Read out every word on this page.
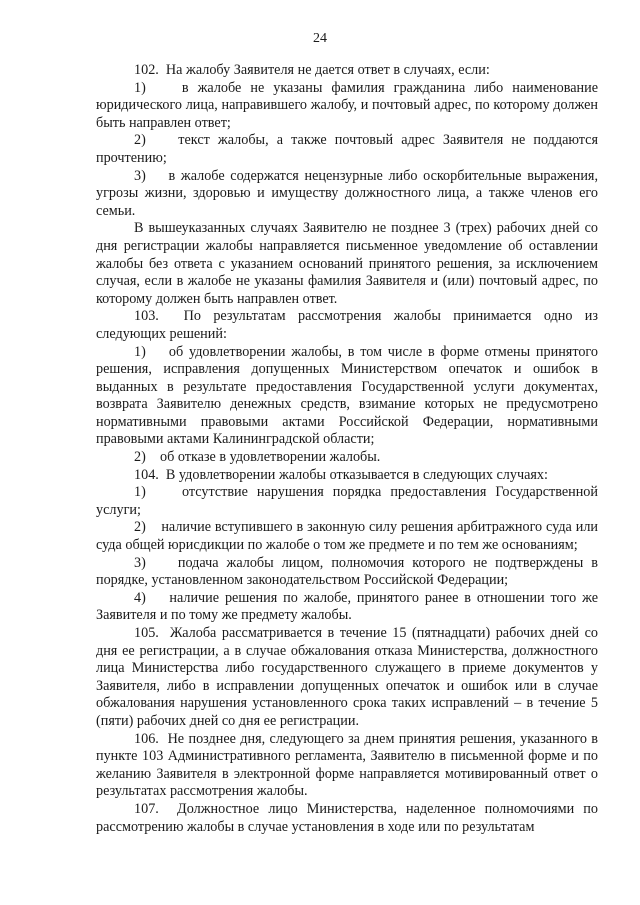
24

102.  На жалобу Заявителя не дается ответ в случаях, если:

1)    в жалобе не указаны фамилия гражданина либо наименование юридического лица, направившего жалобу, и почтовый адрес, по которому должен быть направлен ответ;

2)    текст жалобы, а также почтовый адрес Заявителя не поддаются прочтению;

3)    в жалобе содержатся нецензурные либо оскорбительные выражения, угрозы жизни, здоровью и имуществу должностного лица, а также членов его семьи.

В вышеуказанных случаях Заявителю не позднее 3 (трех) рабочих дней со дня регистрации жалобы направляется письменное уведомление об оставлении жалобы без ответа с указанием оснований принятого решения, за исключением случая, если в жалобе не указаны фамилия Заявителя и (или) почтовый адрес, по которому должен быть направлен ответ.

103.  По результатам рассмотрения жалобы принимается одно из следующих решений:

1)    об удовлетворении жалобы, в том числе в форме отмены принятого решения, исправления допущенных Министерством опечаток и ошибок в выданных в результате предоставления Государственной услуги документах, возврата Заявителю денежных средств, взимание которых не предусмотрено нормативными правовыми актами Российской Федерации, нормативными правовыми актами Калининградской области;

2)    об отказе в удовлетворении жалобы.

104.  В удовлетворении жалобы отказывается в следующих случаях:

1)    отсутствие нарушения порядка предоставления Государственной услуги;

2)    наличие вступившего в законную силу решения арбитражного суда или суда общей юрисдикции по жалобе о том же предмете и по тем же основаниям;

3)    подача жалобы лицом, полномочия которого не подтверждены в порядке, установленном законодательством Российской Федерации;

4)    наличие решения по жалобе, принятого ранее в отношении того же Заявителя и по тому же предмету жалобы.

105.  Жалоба рассматривается в течение 15 (пятнадцати) рабочих дней со дня ее регистрации, а в случае обжалования отказа Министерства, должностного лица Министерства либо государственного служащего в приеме документов у Заявителя, либо в исправлении допущенных опечаток и ошибок или в случае обжалования нарушения установленного срока таких исправлений – в течение 5 (пяти) рабочих дней со дня ее регистрации.

106.  Не позднее дня, следующего за днем принятия решения, указанного в пункте 103 Административного регламента, Заявителю в письменной форме и по желанию Заявителя в электронной форме направляется мотивированный ответ о результатах рассмотрения жалобы.

107.  Должностное лицо Министерства, наделенное полномочиями по рассмотрению жалобы в случае установления в ходе или по результатам
